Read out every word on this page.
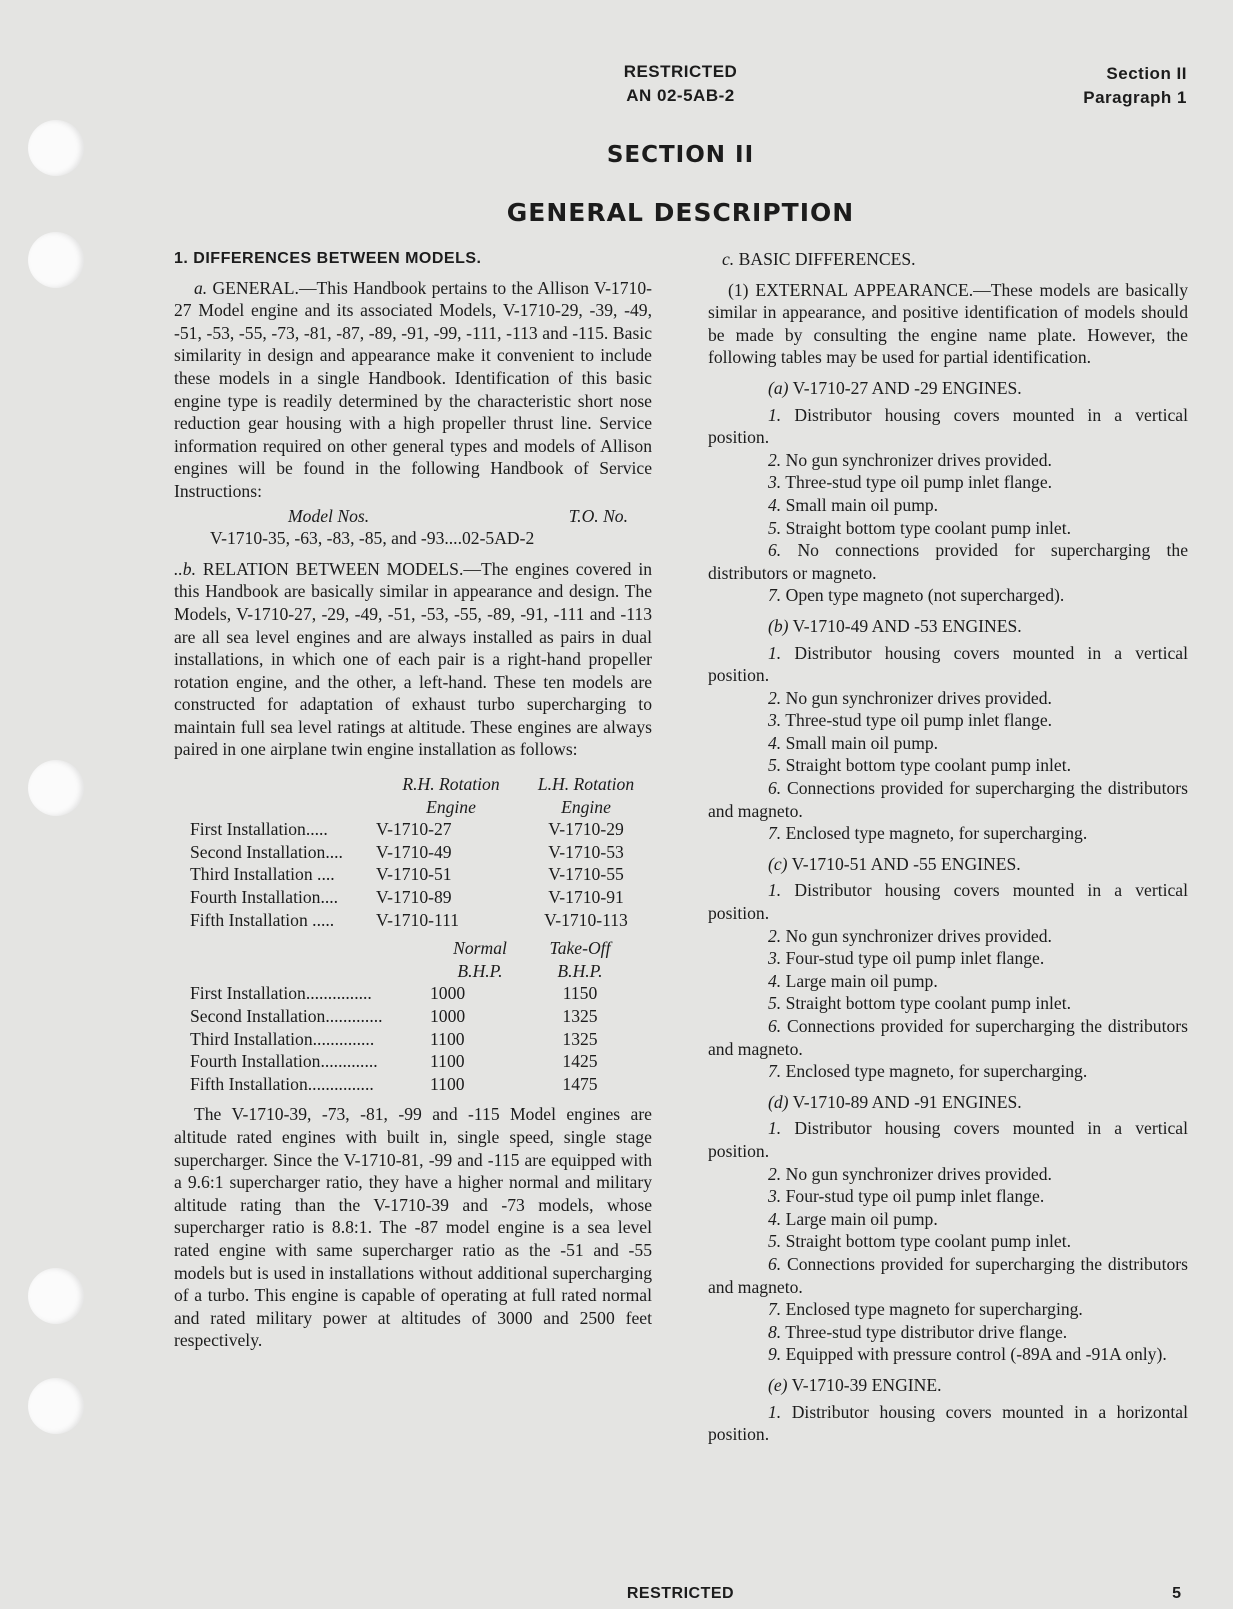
RESTRICTED
AN 02-5AB-2
Section II
Paragraph 1
SECTION II
GENERAL DESCRIPTION
1. DIFFERENCES BETWEEN MODELS.

a. GENERAL.—This Handbook pertains to the Allison V-1710-27 Model engine and its associated Models, V-1710-29, -39, -49, -51, -53, -55, -73, -81, -87, -89, -91, -99, -111, -113 and -115. Basic similarity in design and appearance make it convenient to include these models in a single Handbook. Identification of this basic engine type is readily determined by the characteristic short nose reduction gear housing with a high propeller thrust line. Service information required on other general types and models of Allison engines will be found in the following Handbook of Service Instructions:

Model Nos.	T.O. No.
V-1710-35, -63, -83, -85, and -93....02-5AD-2

..b. RELATION BETWEEN MODELS.—The engines covered in this Handbook are basically similar in appearance and design. The Models, V-1710-27, -29, -49, -51, -53, -55, -89, -91, -111 and -113 are all sea level engines and are always installed as pairs in dual installations, in which one of each pair is a right-hand propeller rotation engine, and the other, a left-hand. These ten models are constructed for adaptation of exhaust turbo supercharging to maintain full sea level ratings at altitude. These engines are always paired in one airplane twin engine installation as follows:

	R.H. Rotation	L.H. Rotation
	Engine	Engine
First Installation.....	V-1710-27	V-1710-29
Second Installation....	V-1710-49	V-1710-53
Third Installation ....	V-1710-51	V-1710-55
Fourth Installation....	V-1710-89	V-1710-91
Fifth Installation .....	V-1710-111	V-1710-113
	Normal	Take-Off
	B.H.P.	B.H.P.
First Installation...............	1000	1150
Second Installation.............	1000	1325
Third Installation..............	1100	1325
Fourth Installation.............	1100	1425
Fifth Installation...............	1100	1475

The V-1710-39, -73, -81, -99 and -115 Model engines are altitude rated engines with built in, single speed, single stage supercharger. Since the V-1710-81, -99 and -115 are equipped with a 9.6:1 supercharger ratio, they have a higher normal and military altitude rating than the V-1710-39 and -73 models, whose supercharger ratio is 8.8:1. The -87 model engine is a sea level rated engine with same supercharger ratio as the -51 and -55 models but is used in installations without additional supercharging of a turbo. This engine is capable of operating at full rated normal and rated military power at altitudes of 3000 and 2500 feet respectively.

c. BASIC DIFFERENCES.

(1) EXTERNAL APPEARANCE.—These models are basically similar in appearance, and positive identification of models should be made by consulting the engine name plate. However, the following tables may be used for partial identification.

(a) V-1710-27 AND -29 ENGINES.

1. Distributor housing covers mounted in a vertical position.

2. No gun synchronizer drives provided.

3. Three-stud type oil pump inlet flange.

4. Small main oil pump.

5. Straight bottom type coolant pump inlet.

6. No connections provided for supercharging the distributors or magneto.

7. Open type magneto (not supercharged).

(b) V-1710-49 AND -53 ENGINES.

1. Distributor housing covers mounted in a vertical position.

2. No gun synchronizer drives provided.

3. Three-stud type oil pump inlet flange.

4. Small main oil pump.

5. Straight bottom type coolant pump inlet.

6. Connections provided for supercharging the distributors and magneto.

7. Enclosed type magneto, for supercharging.

(c) V-1710-51 AND -55 ENGINES.

1. Distributor housing covers mounted in a vertical position.

2. No gun synchronizer drives provided.

3. Four-stud type oil pump inlet flange.

4. Large main oil pump.

5. Straight bottom type coolant pump inlet.

6. Connections provided for supercharging the distributors and magneto.

7. Enclosed type magneto, for supercharging.

(d) V-1710-89 AND -91 ENGINES.

1. Distributor housing covers mounted in a vertical position.

2. No gun synchronizer drives provided.

3. Four-stud type oil pump inlet flange.

4. Large main oil pump.

5. Straight bottom type coolant pump inlet.

6. Connections provided for supercharging the distributors and magneto.

7. Enclosed type magneto for supercharging.

8. Three-stud type distributor drive flange.

9. Equipped with pressure control (-89A and -91A only).

(e) V-1710-39 ENGINE.

1. Distributor housing covers mounted in a horizontal position.

RESTRICTED	5
